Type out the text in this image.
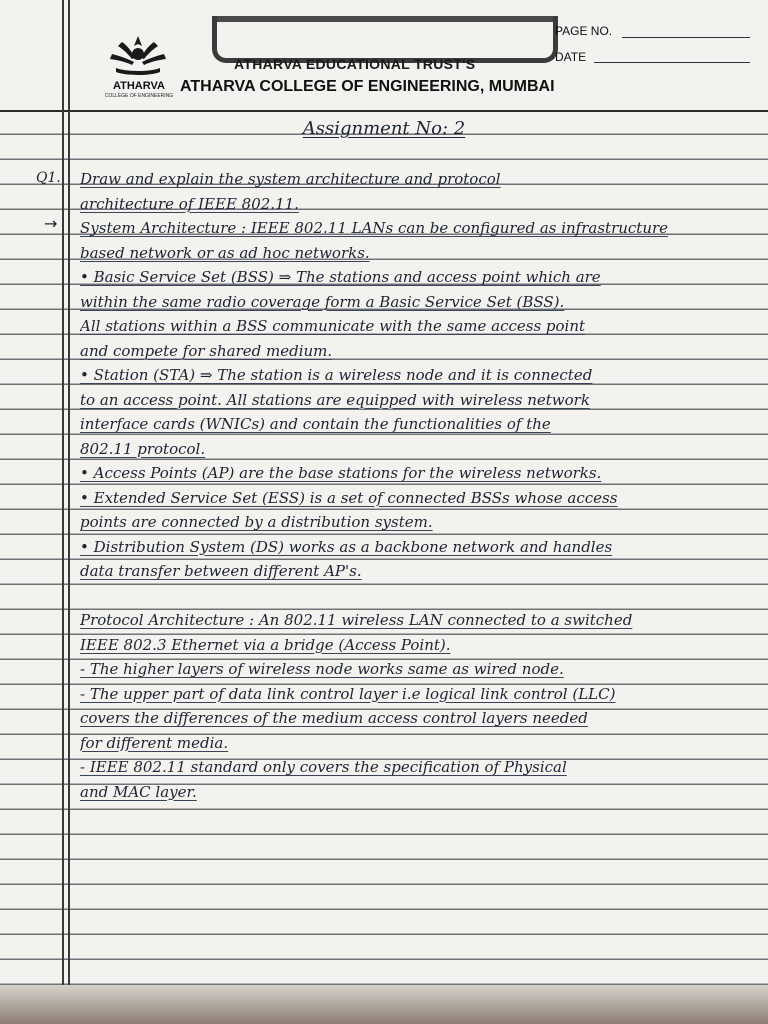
ATHARVA
COLLEGE OF ENGINEERING
ATHARVA EDUCATIONAL TRUST'S
ATHARVA COLLEGE OF ENGINEERING, MUMBAI
PAGE NO.
DATE
Assignment No: 2
Q1.
→
Draw and explain the system architecture and protocol
architecture of IEEE 802.11.
System Architecture : IEEE 802.11 LANs can be configured as infrastructure
based network or as ad hoc networks.
• Basic Service Set (BSS) ⇒ The stations and access point which are
within the same radio coverage form a Basic Service Set (BSS).
All stations within a BSS communicate with the same access point
and compete for shared medium.
• Station (STA) ⇒ The station is a wireless node and it is connected
to an access point. All stations are equipped with wireless network
interface cards (WNICs) and contain the functionalities of the
802.11 protocol.
• Access Points (AP) are the base stations for the wireless networks.
• Extended Service Set (ESS) is a set of connected BSSs whose access
points are connected by a distribution system.
• Distribution System (DS) works as a backbone network and handles
data transfer between different AP's.
Protocol Architecture : An 802.11 wireless LAN connected to a switched
IEEE 802.3 Ethernet via a bridge (Access Point).
- The higher layers of wireless node works same as wired node.
- The upper part of data link control layer i.e logical link control (LLC)
covers the differences of the medium access control layers needed
for different media.
- IEEE 802.11 standard only covers the specification of Physical
and MAC layer.
